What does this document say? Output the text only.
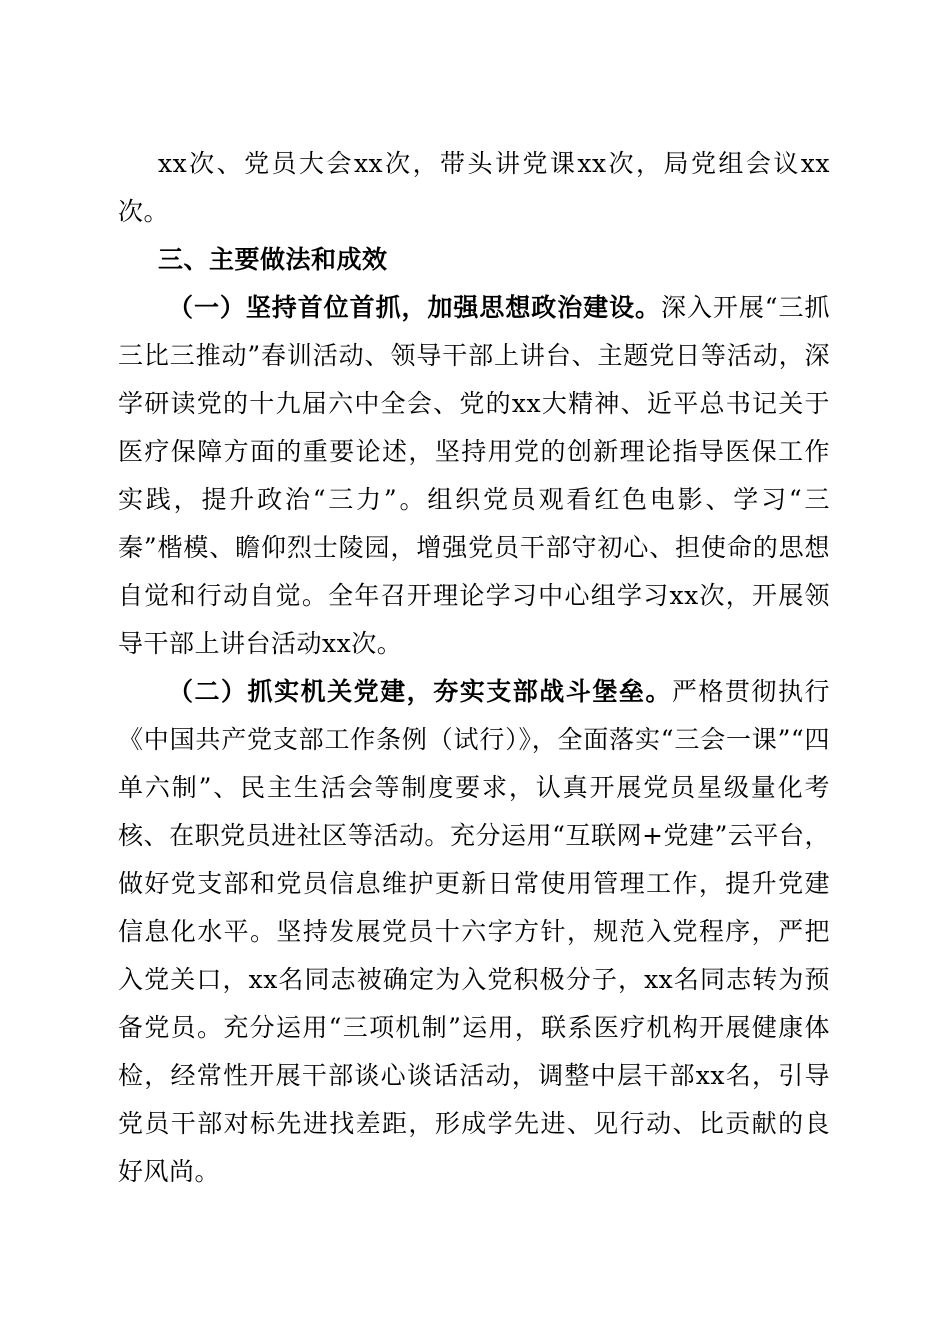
xx次、党员大会xx次，带头讲党课xx次，局党组会议xx次。

三、主要做法和成效

（一）坚持首位首抓，加强思想政治建设。深入开展“三抓三比三推动”春训活动、领导干部上讲台、主题党日等活动，深学研读党的十九届六中全会、党的xx大精神、近平总书记关于医疗保障方面的重要论述，坚持用党的创新理论指导医保工作实践，提升政治“三力”。组织党员观看红色电影、学习“三秦”楷模、瞻仰烈士陵园，增强党员干部守初心、担使命的思想自觉和行动自觉。全年召开理论学习中心组学习xx次，开展领导干部上讲台活动xx次。

（二）抓实机关党建，夯实支部战斗堡垒。严格贯彻执行《中国共产党支部工作条例（试行）》，全面落实“三会一课”“四单六制”、民主生活会等制度要求，认真开展党员星级量化考核、在职党员进社区等活动。充分运用“互联网+党建”云平台，做好党支部和党员信息维护更新日常使用管理工作，提升党建信息化水平。坚持发展党员十六字方针，规范入党程序，严把入党关口，xx名同志被确定为入党积极分子，xx名同志转为预备党员。充分运用“三项机制”运用，联系医疗机构开展健康体检，经常性开展干部谈心谈话活动，调整中层干部xx名，引导党员干部对标先进找差距，形成学先进、见行动、比贡献的良好风尚。
